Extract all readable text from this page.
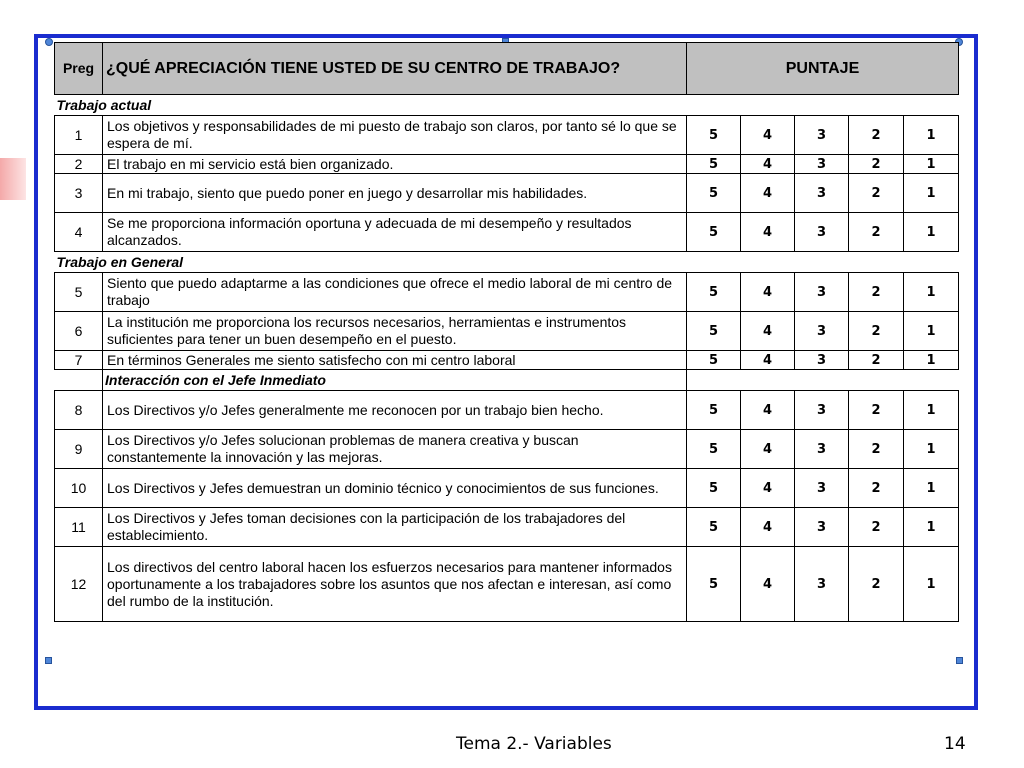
Preg	¿QUÉ APRECIACIÓN TIENE USTED DE SU CENTRO DE TRABAJO?	PUNTAJE				
Trabajo actual						
1	Los objetivos y responsabilidades de mi puesto de trabajo son claros, por tanto sé lo que se espera de mí.	5	4	3	2	1
2	El trabajo en mi servicio está bien organizado.	5	4	3	2	1
3	En mi trabajo, siento que puedo poner en juego y desarrollar mis habilidades.	5	4	3	2	1
4	Se me proporciona información oportuna y adecuada de mi desempeño y resultados alcanzados.	5	4	3	2	1
Trabajo en General						
5	Siento que puedo adaptarme a las condiciones que ofrece el medio laboral de mi centro de trabajo	5	4	3	2	1
6	La institución me proporciona los recursos necesarios, herramientas e instrumentos suficientes para tener un buen desempeño en el puesto.	5	4	3	2	1
7	En términos Generales me siento satisfecho con mi centro laboral	5	4	3	2	1
	Interacción con el Jefe Inmediato					
8	Los Directivos y/o Jefes generalmente me reconocen por un trabajo bien hecho.	5	4	3	2	1
9	Los Directivos y/o Jefes solucionan problemas de manera creativa y buscan constantemente la innovación y las mejoras.	5	4	3	2	1
10	Los Directivos y Jefes demuestran un dominio técnico y conocimientos de sus funciones.	5	4	3	2	1
11	Los Directivos y Jefes toman decisiones con la participación de los trabajadores del establecimiento.	5	4	3	2	1
12	Los directivos del centro laboral hacen los esfuerzos necesarios para mantener informados oportunamente a los trabajadores sobre los asuntos que nos afectan e interesan, así como del rumbo de la institución.	5	4	3	2	1
Tema 2.- Variables	14
